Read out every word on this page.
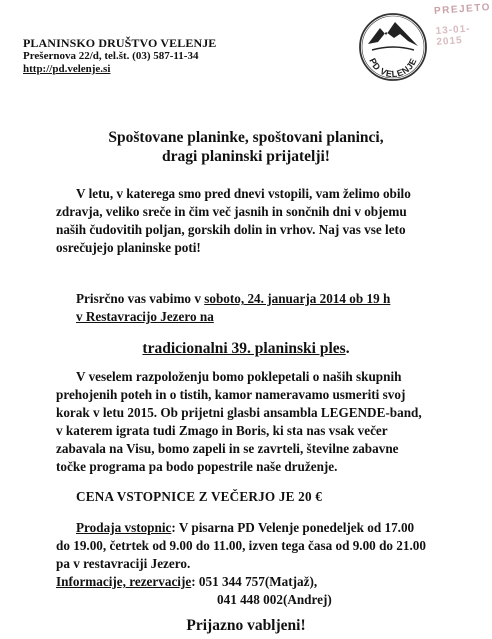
PLANINSKO DRUŠTVO VELENJE
Prešernova 22/d, tel.št. (03) 587-11-34
http://pd.velenje.si
PD VELENJE
PREJETO
13-01-2015
Spoštovane planinke, spoštovani planinci,
dragi planinski prijatelji!
V letu, v katerega smo pred dnevi vstopili, vam želimo obilo
zdravja, veliko sreče in čim več jasnih in sončnih dni v objemu
naših čudovitih poljan, gorskih dolin in vrhov. Naj vas vse leto
osrečujejo planinske poti!
Prisrčno vas vabimo v soboto, 24. januarja 2014 ob 19 h
v Restavracijo Jezero na
tradicionalni 39. planinski ples.
V veselem razpoloženju bomo poklepetali o naših skupnih
prehojenih poteh in o tistih, kamor nameravamo usmeriti svoj
korak v letu 2015. Ob prijetni glasbi ansambla LEGENDE-band,
v katerem igrata tudi Zmago in Boris, ki sta nas vsak večer
zabavala na Visu, bomo zapeli in se zavrteli, številne zabavne
točke programa pa bodo popestrile naše druženje.
CENA VSTOPNICE Z VEČERJO JE 20 €
Prodaja vstopnic: V pisarna PD Velenje ponedeljek od 17.00
do 19.00, četrtek od 9.00 do 11.00, izven tega časa od 9.00 do 21.00
pa v restavraciji Jezero.
Informacije, rezervacije: 051 344 757(Matjaž),
041 448 002(Andrej)
Prijazno vabljeni!
